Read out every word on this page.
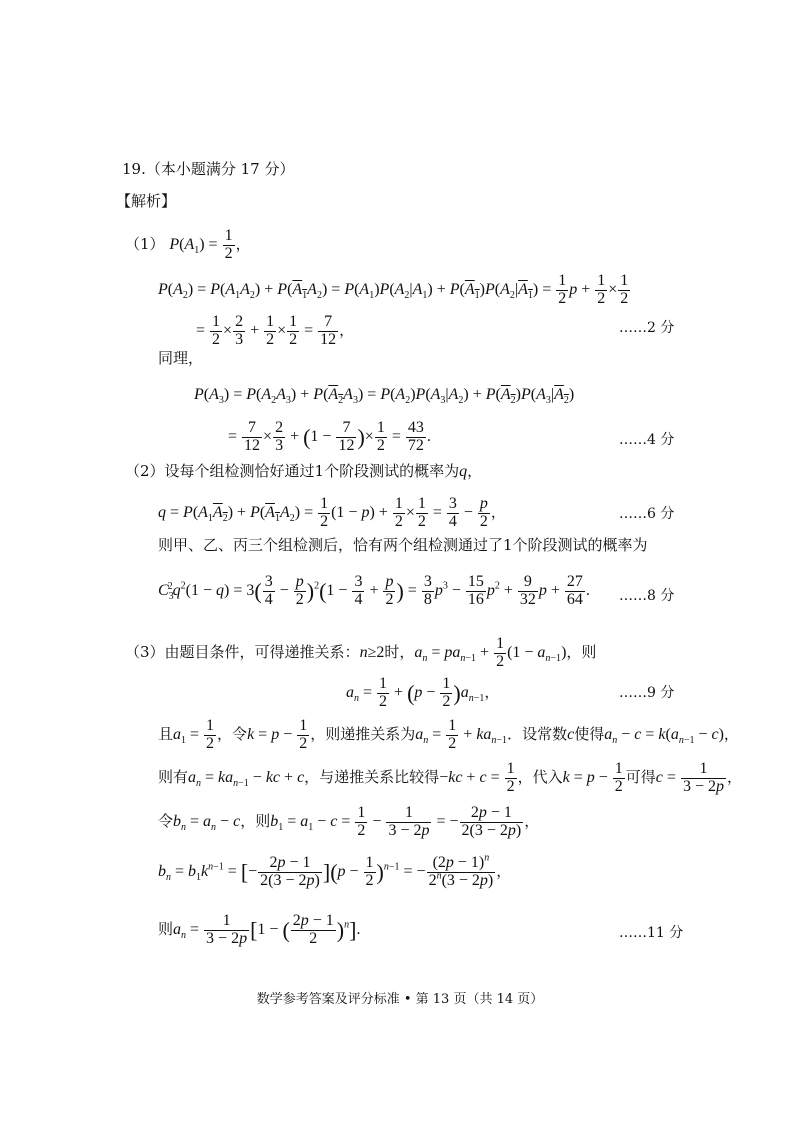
19.（本小题满分 17 分）
【解析】
（1） $P(A_1) = \frac{1}{2}$ ，
$P(A_2) = P(A_1A_2) + P(A_1A_2) = P(A_1)P(A_2|A_1) + P(A_1)P(A_2|A_1) = \frac{1}{2}$ $p + \frac{1}{2} \times \frac{1}{2}$
= $\frac{1}{2} \times \frac{2}{3} + \frac{1}{2} \times \frac{1}{2} = \frac{7}{12}$ ，	……2 分
同理，
$P(A_3) = P(A_2A_3) + P(A_2A_3) = P(A_2)P(A_3|A_2) + P(A_2)P(A_3|A_2)$
= $\frac{7}{12} \times \frac{2}{3} + (1 - \frac{7}{12}$ )× $\frac{1}{2} = \frac{43}{72}$ .	……4 分
（2）设每个组检测恰好通过1个阶段测试的概率为q，
$q = P(A_1A_2) + P(A_1A_2) = \frac{1}{2} (1 - p) + \frac{1}{2} \times \frac{1}{2} = \frac{3}{4} - \frac{p}{2}$ ，	……6 分
则甲、乙、丙三个组检测后，恰有两个组检测通过了1个阶段测试的概率为
$C_3^2q^2(1 - q) = 3( \frac{3}{4} - \frac{p}{2} )^2(1 - \frac{3}{4} + \frac{p}{2}$ ) = $\frac{3}{8} p^3 - \frac{15}{16} p^2 + \frac{9}{32}$ $p + \frac{27}{64}$ . ……8 分
（3）由题目条件，可得递推关系：n≥2时，$a_n = pa_{n-1} + \frac{1}{2} (1 - a_{n-1})$，则
$a_n = \frac{1}{2} + (p - \frac{1}{2} )a_{n-1}$，	……9 分
且$a_1 = \frac{1}{2}$ ，令$k = p - \frac{1}{2}$ ，则递推关系为$a_n = \frac{1}{2} + ka_{n-1}$．设常数c使得$a_n - c = k(a_{n-1} - c)$，
则有$a_n = ka_{n-1}$ − kc + c，与递推关系比较得$-kc + c = \frac{1}{2}$ ，代入$k = p - \frac{1}{2}$ 可得$c = \frac{1}{3 - 2p}$ ，
令$b_n = a_n - c$，则$b_1 = a_1 - c = \frac{1}{2} - \frac{1}{3 - 2p}$ = − $\frac{2p - 1}{2(3 - 2p)}$ ，
$b_n = b_1k^{n-1}$ = [− $\frac{2p - 1}{2(3 - 2p)} ](p - \frac{1}{2} )^{n-1}$ = − $\frac{(2p - 1)^n}{2^n(3 - 2p)}$ ，
则$a_n = \frac{1}{3 - 2p} [1$ − ( $\frac{2p - 1}{2} )^n$].	……11 分
数学参考答案及评分标准 • 第 13 页（共 14 页）
